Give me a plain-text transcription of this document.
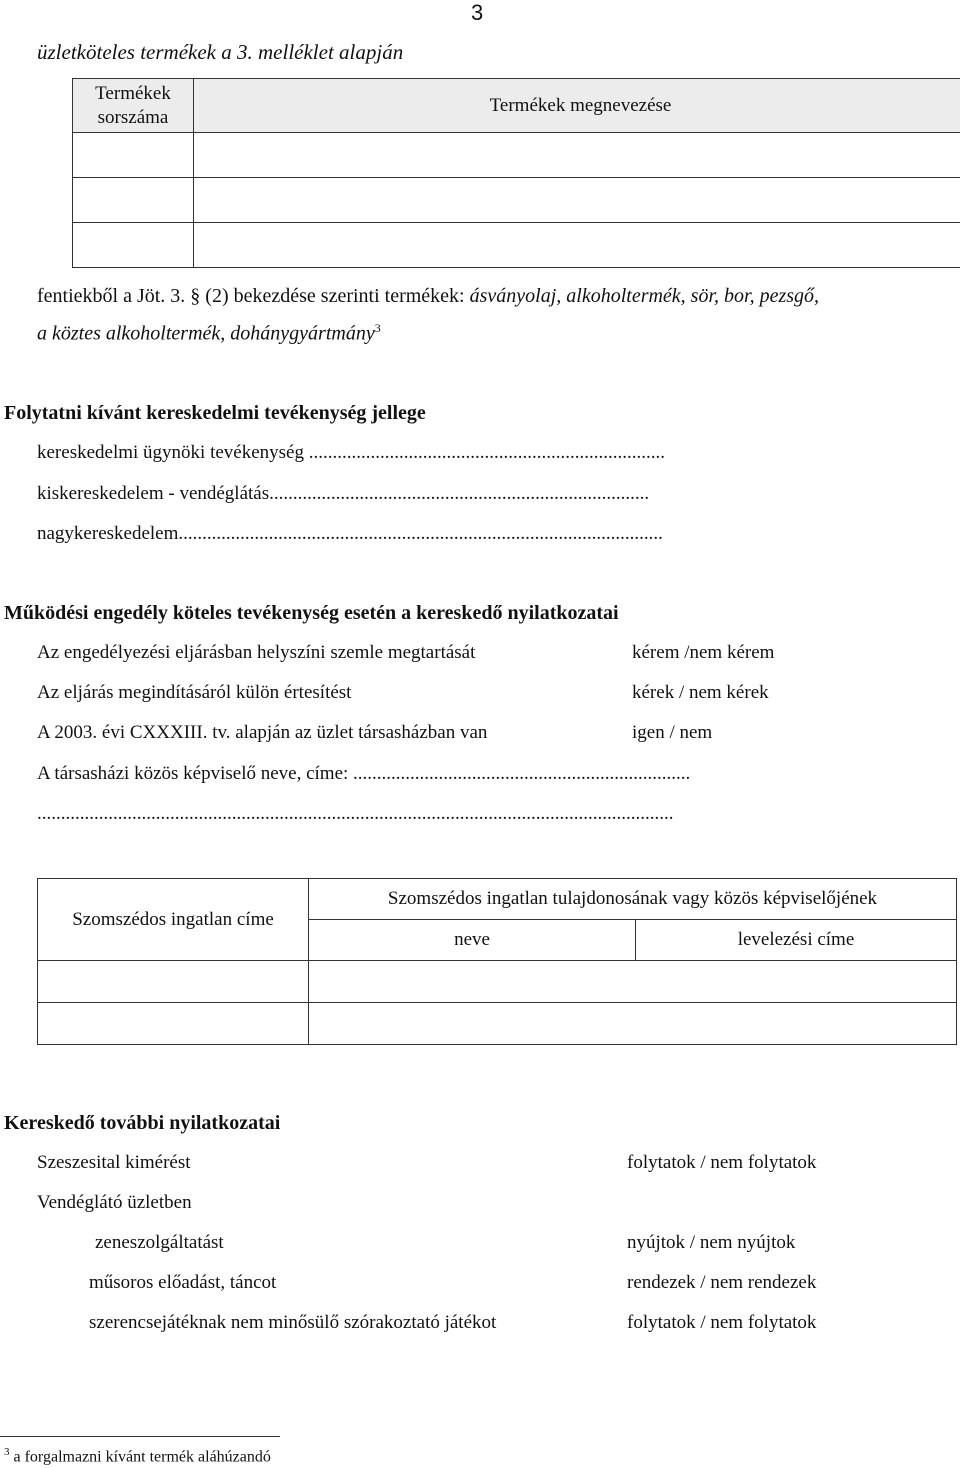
3
üzletköteles termékek a 3. melléklet alapján
Termékek sorszáma	Termékek megnevezése

fentiekből a Jöt. 3. § (2) bekezdése szerinti termékek: ásványolaj, alkoholtermék, sör, bor, pezsgő,
a köztes alkoholtermék, dohánygyártmány$^3$
Folytatni kívánt kereskedelmi tevékenység jellege
kereskedelmi ügynöki tevékenység ...........................................................................
kiskereskedelem - vendéglátás................................................................................
nagykereskedelem......................................................................................................
Működési engedély köteles tevékenység esetén a kereskedő nyilatkozatai
Az engedélyezési eljárásban helyszíni szemle megtartását	kérem /nem kérem
Az eljárás megindításáról külön értesítést	kérek / nem kérek
A 2003. évi CXXXIII. tv. alapján az üzlet társasházban van	igen / nem
A társasházi közös képviselő neve, címe: .......................................................................
......................................................................................................................................
Szomszédos ingatlan címe	Szomszédos ingatlan tulajdonosának vagy közös képviselőjének	
	neve	levelezési címe

Kereskedő további nyilatkozatai
Szeszesital kimérést	folytatok / nem folytatok
Vendéglátó üzletben
zeneszolgáltatást	nyújtok / nem nyújtok
műsoros előadást, táncot	rendezek / nem rendezek
szerencsejátéknak nem minősülő szórakoztató játékot	folytatok / nem folytatok
$^3$ a forgalmazni kívánt termék aláhúzandó
